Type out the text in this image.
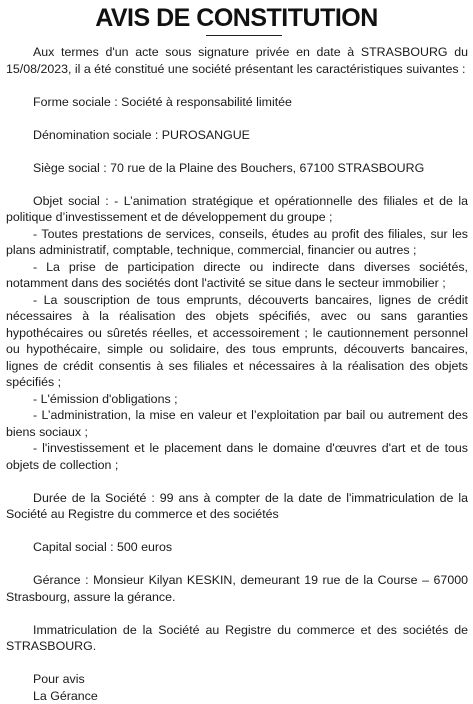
AVIS DE CONSTITUTION

Aux termes d'un acte sous signature privée en date à STRASBOURG du 15/08/2023, il a été constitué une société présentant les caractéristiques suivantes :

Forme sociale : Société à responsabilité limitée

Dénomination sociale : PUROSANGUE

Siège social : 70 rue de la Plaine des Bouchers, 67100 STRASBOURG

Objet social : - L’animation stratégique et opérationnelle des filiales et de la politique d’investissement et de développement du groupe ;

- Toutes prestations de services, conseils, études au profit des filiales, sur les plans administratif, comptable, technique, commercial, financier ou autres ;

- La prise de participation directe ou indirecte dans diverses sociétés, notamment dans des sociétés dont l'activité se situe dans le secteur immobilier ;

- La souscription de tous emprunts, découverts bancaires, lignes de crédit nécessaires à la réalisation des objets spécifiés, avec ou sans garanties hypothécaires ou sûretés réelles, et accessoirement ; le cautionnement personnel ou hypothécaire, simple ou solidaire, des tous emprunts, découverts bancaires, lignes de crédit consentis à ses filiales et nécessaires à la réalisation des objets spécifiés ;

- L'émission d'obligations ;

- L’administration, la mise en valeur et l’exploitation par bail ou autrement des biens sociaux ;

- l'investissement et le placement dans le domaine d'œuvres d'art et de tous objets de collection ;

Durée de la Société : 99 ans à compter de la date de l'immatriculation de la Société au Registre du commerce et des sociétés

Capital social : 500 euros

Gérance : Monsieur Kilyan KESKIN, demeurant 19 rue de la Course – 67000 Strasbourg, assure la gérance.

Immatriculation de la Société au Registre du commerce et des sociétés de STRASBOURG.

Pour avis

La Gérance
